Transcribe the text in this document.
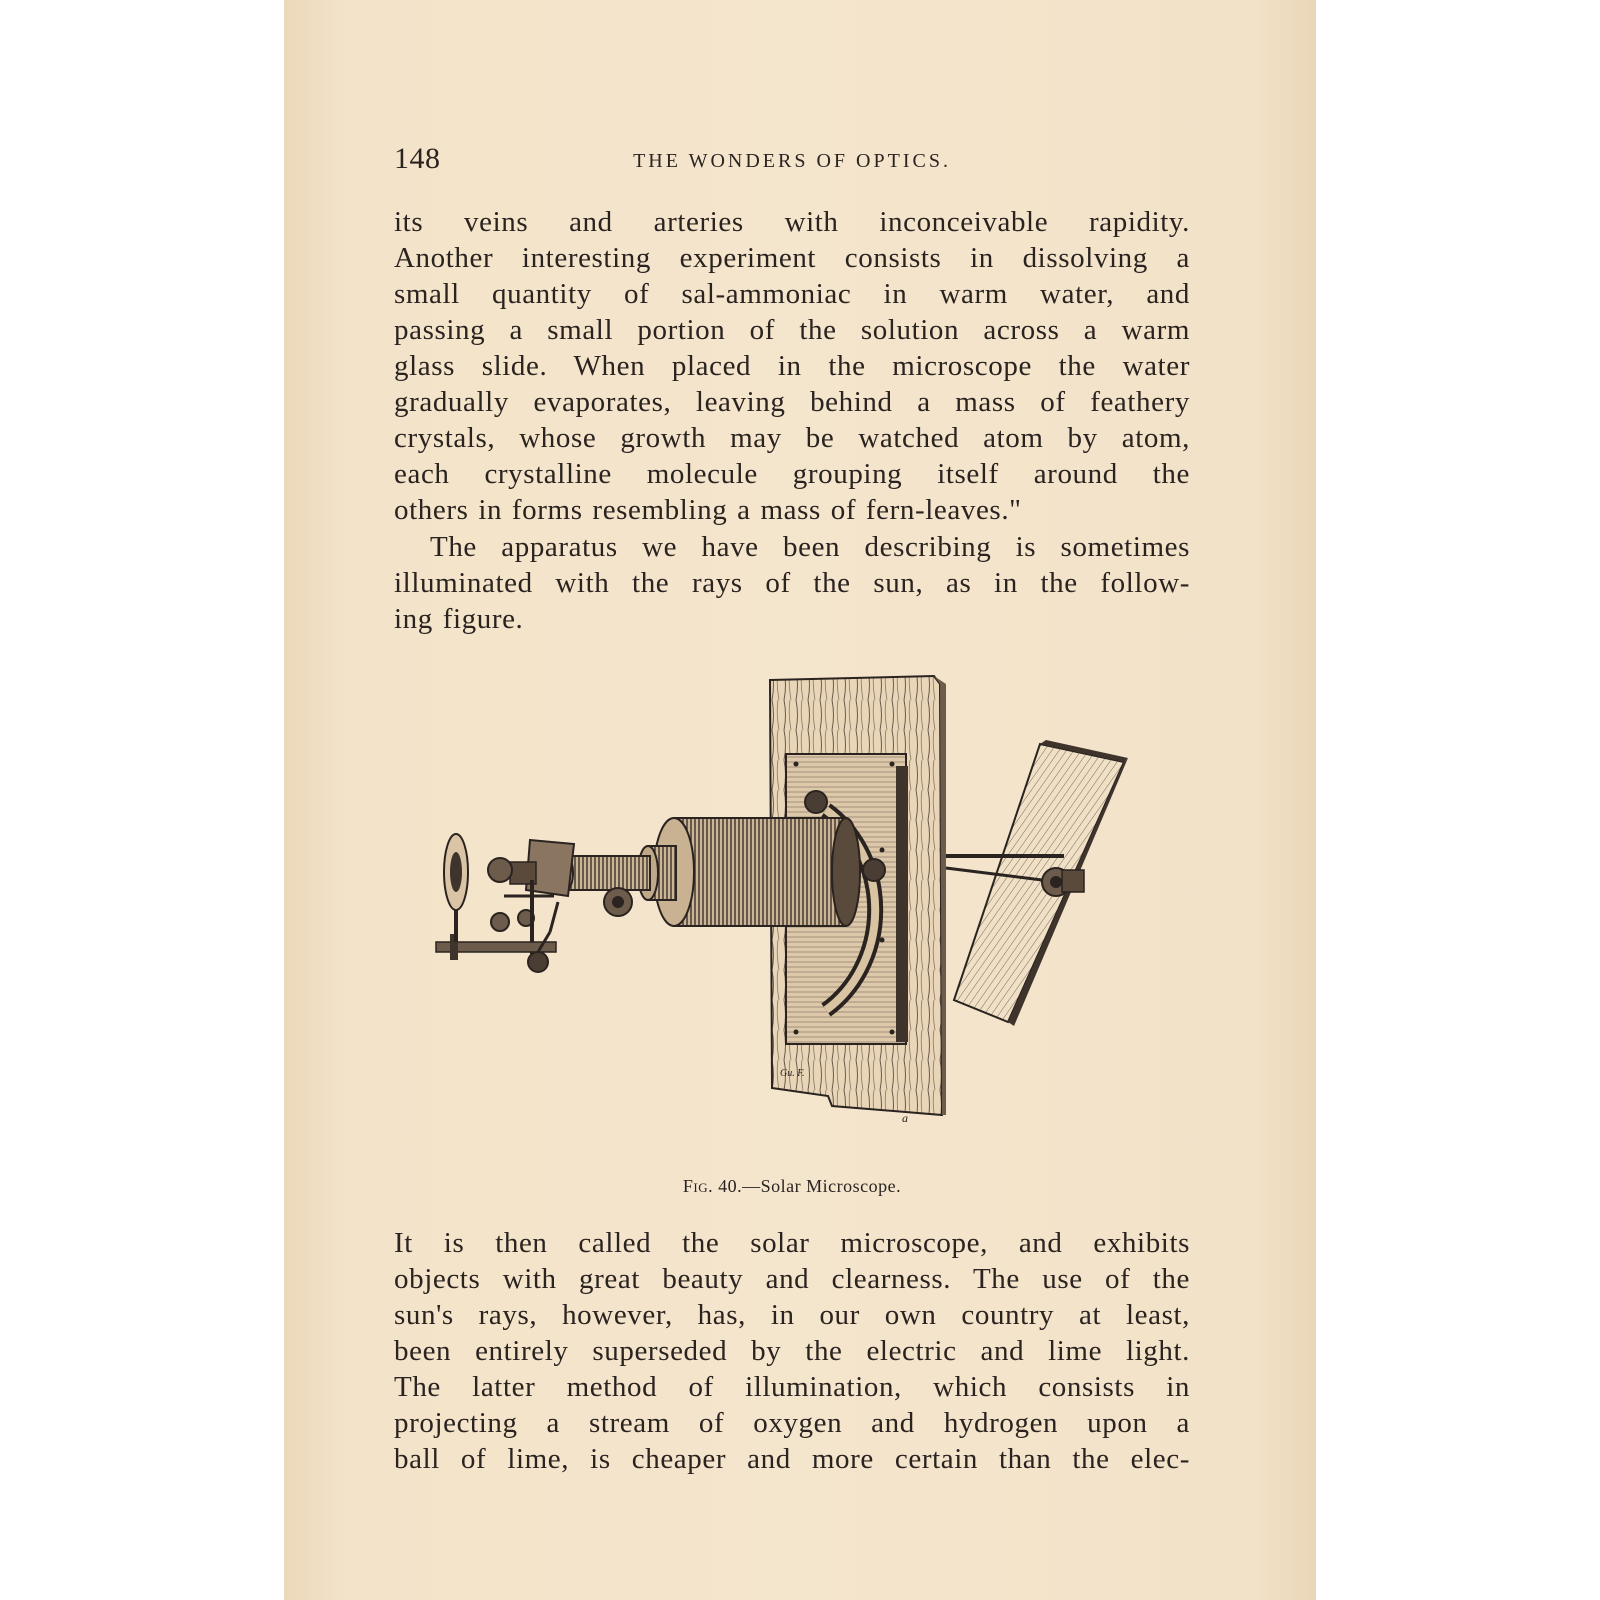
148	THE WONDERS OF OPTICS.
its veins and arteries with inconceivable rapidity.
Another interesting experiment consists in dissolving a
small quantity of sal-ammoniac in warm water, and
passing a small portion of the solution across a warm
glass slide. When placed in the microscope the water
gradually evaporates, leaving behind a mass of feathery
crystals, whose growth may be watched atom by atom,
each crystalline molecule grouping itself around the
others in forms resembling a mass of fern-leaves."
The apparatus we have been describing is sometimes
illuminated with the rays of the sun, as in the follow-
ing figure.
Gu. F.
a
Fig. 40.—Solar Microscope.
It is then called the solar microscope, and exhibits
objects with great beauty and clearness. The use of the
sun's rays, however, has, in our own country at least,
been entirely superseded by the electric and lime light.
The latter method of illumination, which consists in
projecting a stream of oxygen and hydrogen upon a
ball of lime, is cheaper and more certain than the elec-
